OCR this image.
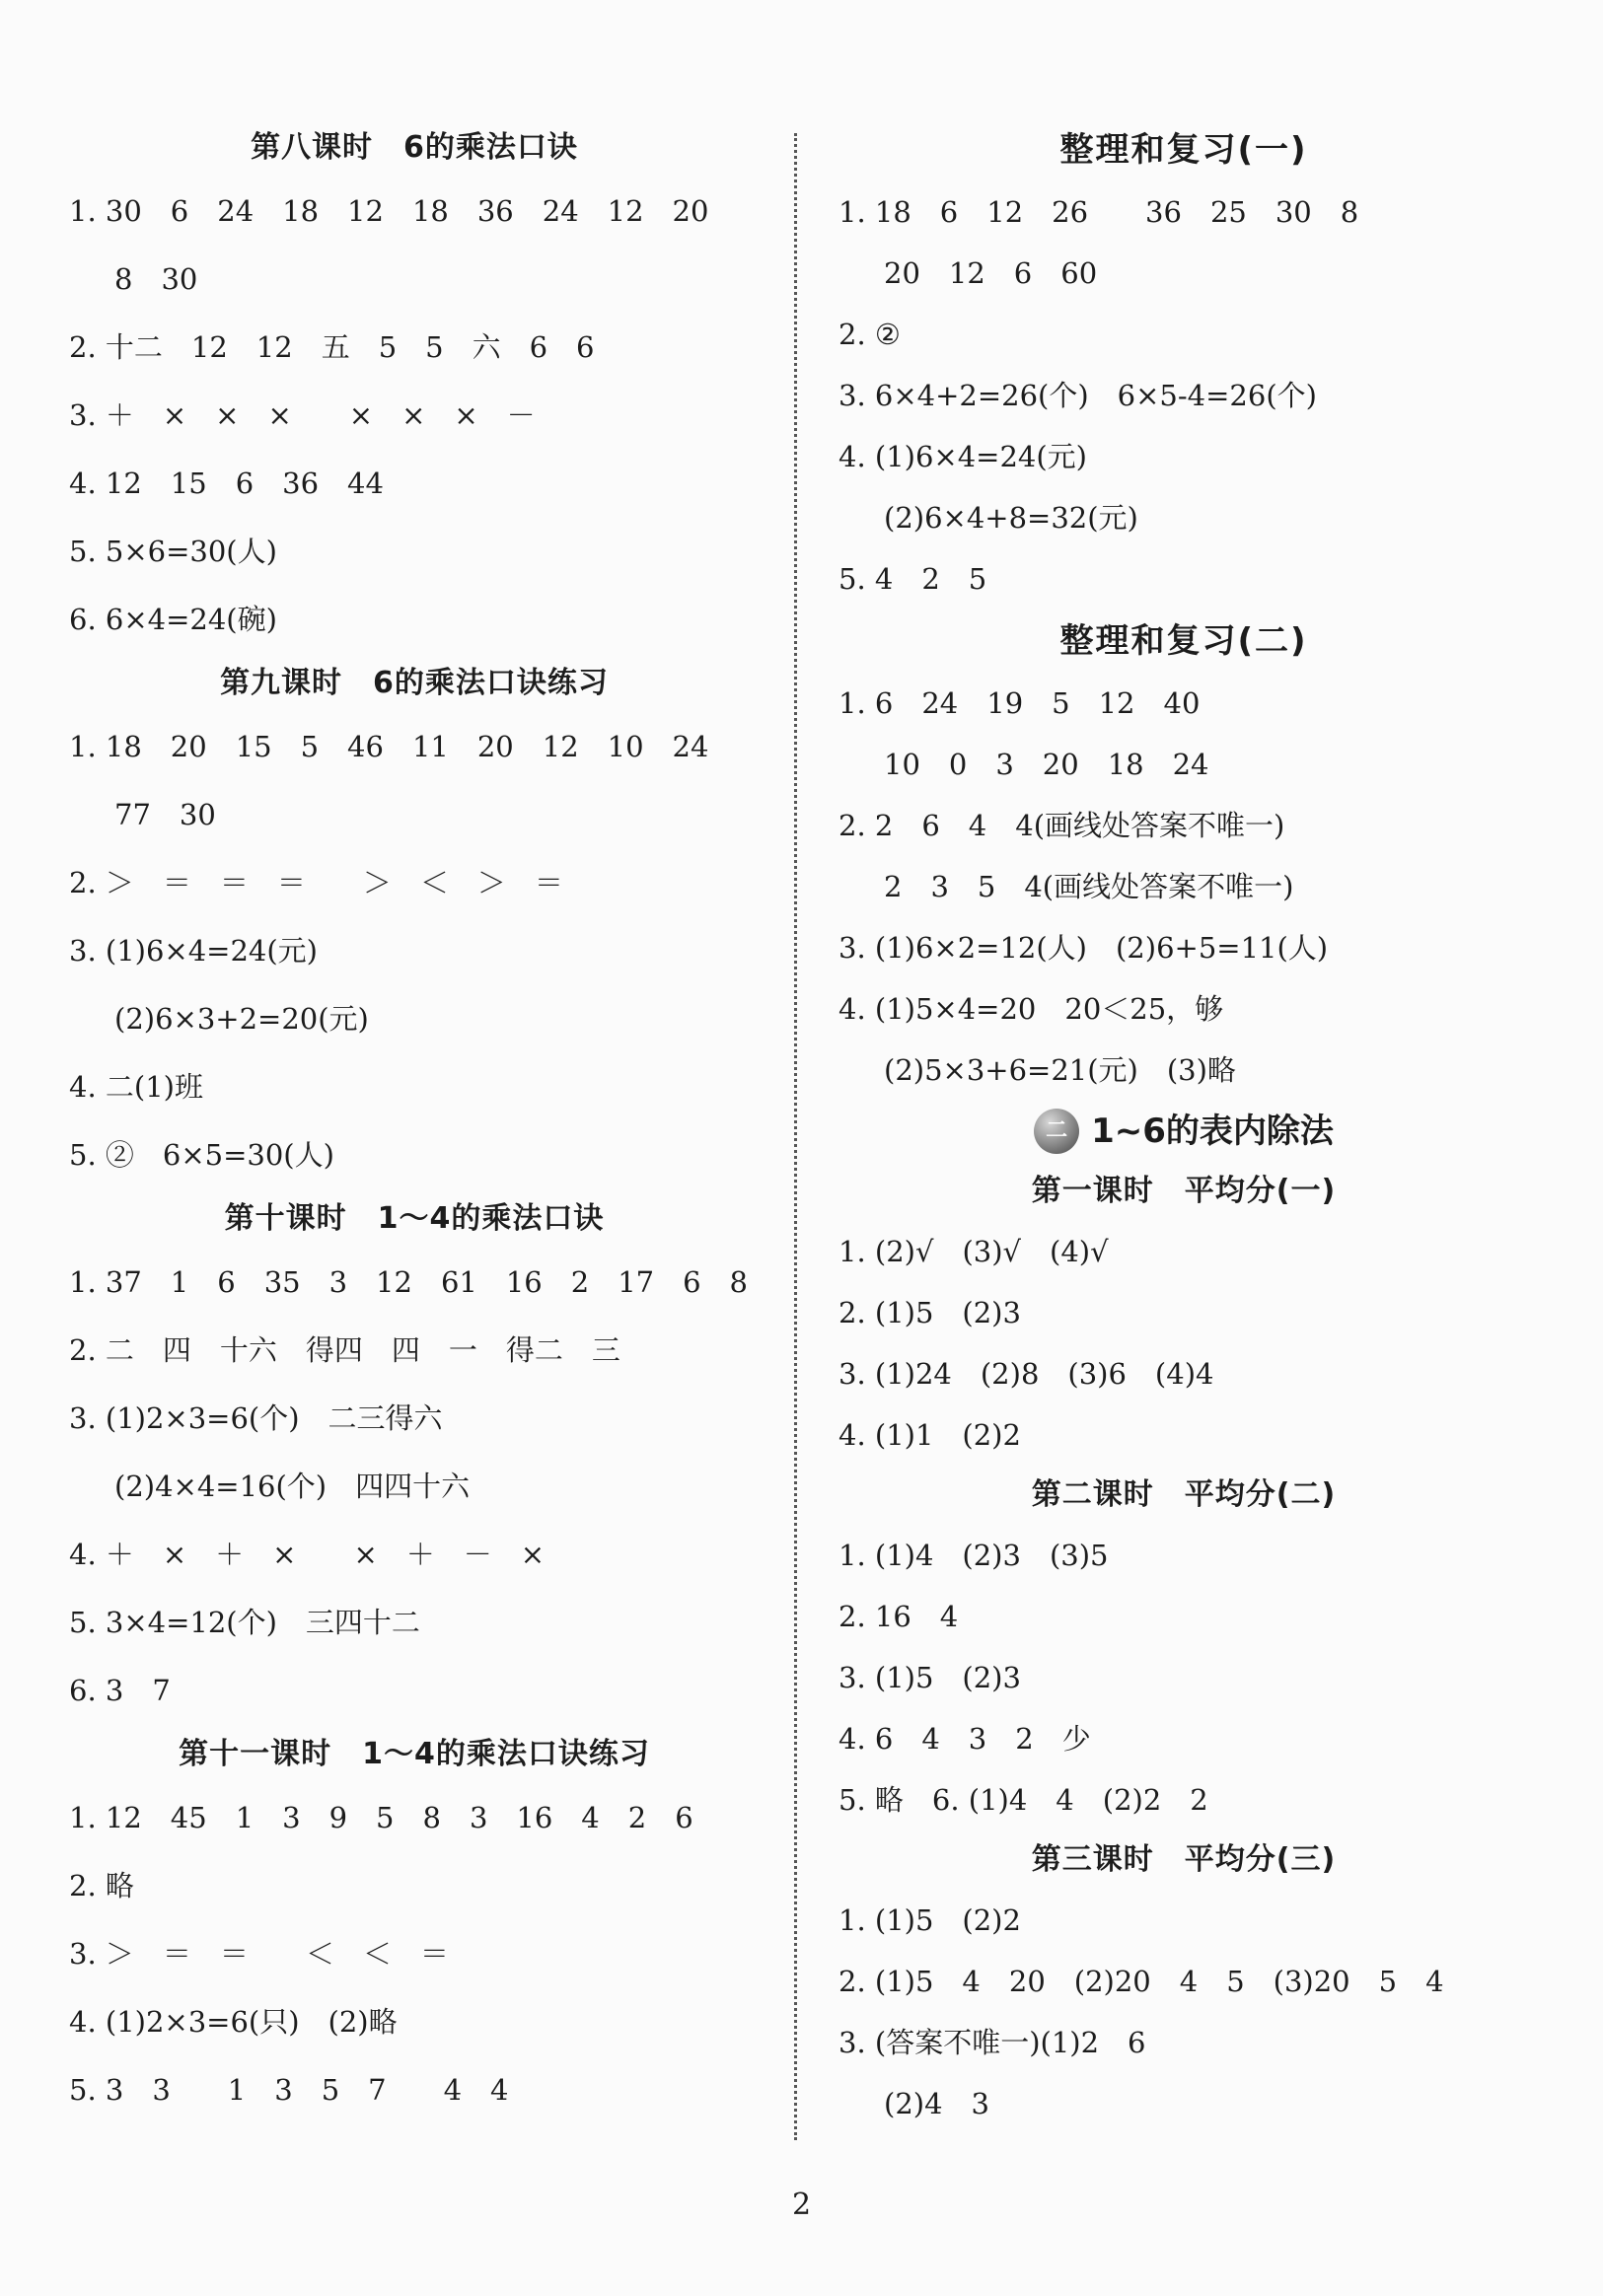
第八课时　6的乘法口诀
1. 30　6　24　18　12　18　36　24　12　20
8　30
2. 十二　12　12　五　5　5　六　6　6
3. ＋　×　×　×　　×　×　×　－
4. 12　15　6　36　44
5. 5×6=30(人)
6. 6×4=24(碗)
第九课时　6的乘法口诀练习
1. 18　20　15　5　46　11　20　12　10　24
77　30
2. ＞　＝　＝　＝　　＞　＜　＞　＝
3. (1)6×4=24(元)
(2)6×3+2=20(元)
4. 二(1)班
5. ②　6×5=30(人)
第十课时　1～4的乘法口诀
1. 37　1　6　35　3　12　61　16　2　17　6　8
2. 二　四　十六　得四　四　一　得二　三
3. (1)2×3=6(个)　二三得六
(2)4×4=16(个)　四四十六
4. ＋　×　＋　×　　×　＋　－　×
5. 3×4=12(个)　三四十二
6. 3　7
第十一课时　1～4的乘法口诀练习
1. 12　45　1　3　9　5　8　3　16　4　2　6
2. 略
3. ＞　＝　＝　　＜　＜　＝
4. (1)2×3=6(只)　(2)略
5. 3　3　　1　3　5　7　　4　4
整理和复习(一)
1. 18　6　12　26　　36　25　30　8
20　12　6　60
2. ②
3. 6×4+2=26(个)　6×5-4=26(个)
4. (1)6×4=24(元)
(2)6×4+8=32(元)
5. 4　2　5
整理和复习(二)
1. 6　24　19　5　12　40
10　0　3　20　18　24
2. 2　6　4　4(画线处答案不唯一)
2　3　5　4(画线处答案不唯一)
3. (1)6×2=12(人)　(2)6+5=11(人)
4. (1)5×4=20　20＜25，够
(2)5×3+6=21(元)　(3)略
二 1~6的表内除法
第一课时　平均分(一)
1. (2)√　(3)√　(4)√
2. (1)5　(2)3
3. (1)24　(2)8　(3)6　(4)4
4. (1)1　(2)2
第二课时　平均分(二)
1. (1)4　(2)3　(3)5
2. 16　4
3. (1)5　(2)3
4. 6　4　3　2　少
5. 略　6. (1)4　4　(2)2　2
第三课时　平均分(三)
1. (1)5　(2)2
2. (1)5　4　20　(2)20　4　5　(3)20　5　4
3. (答案不唯一)(1)2　6
(2)4　3
2
